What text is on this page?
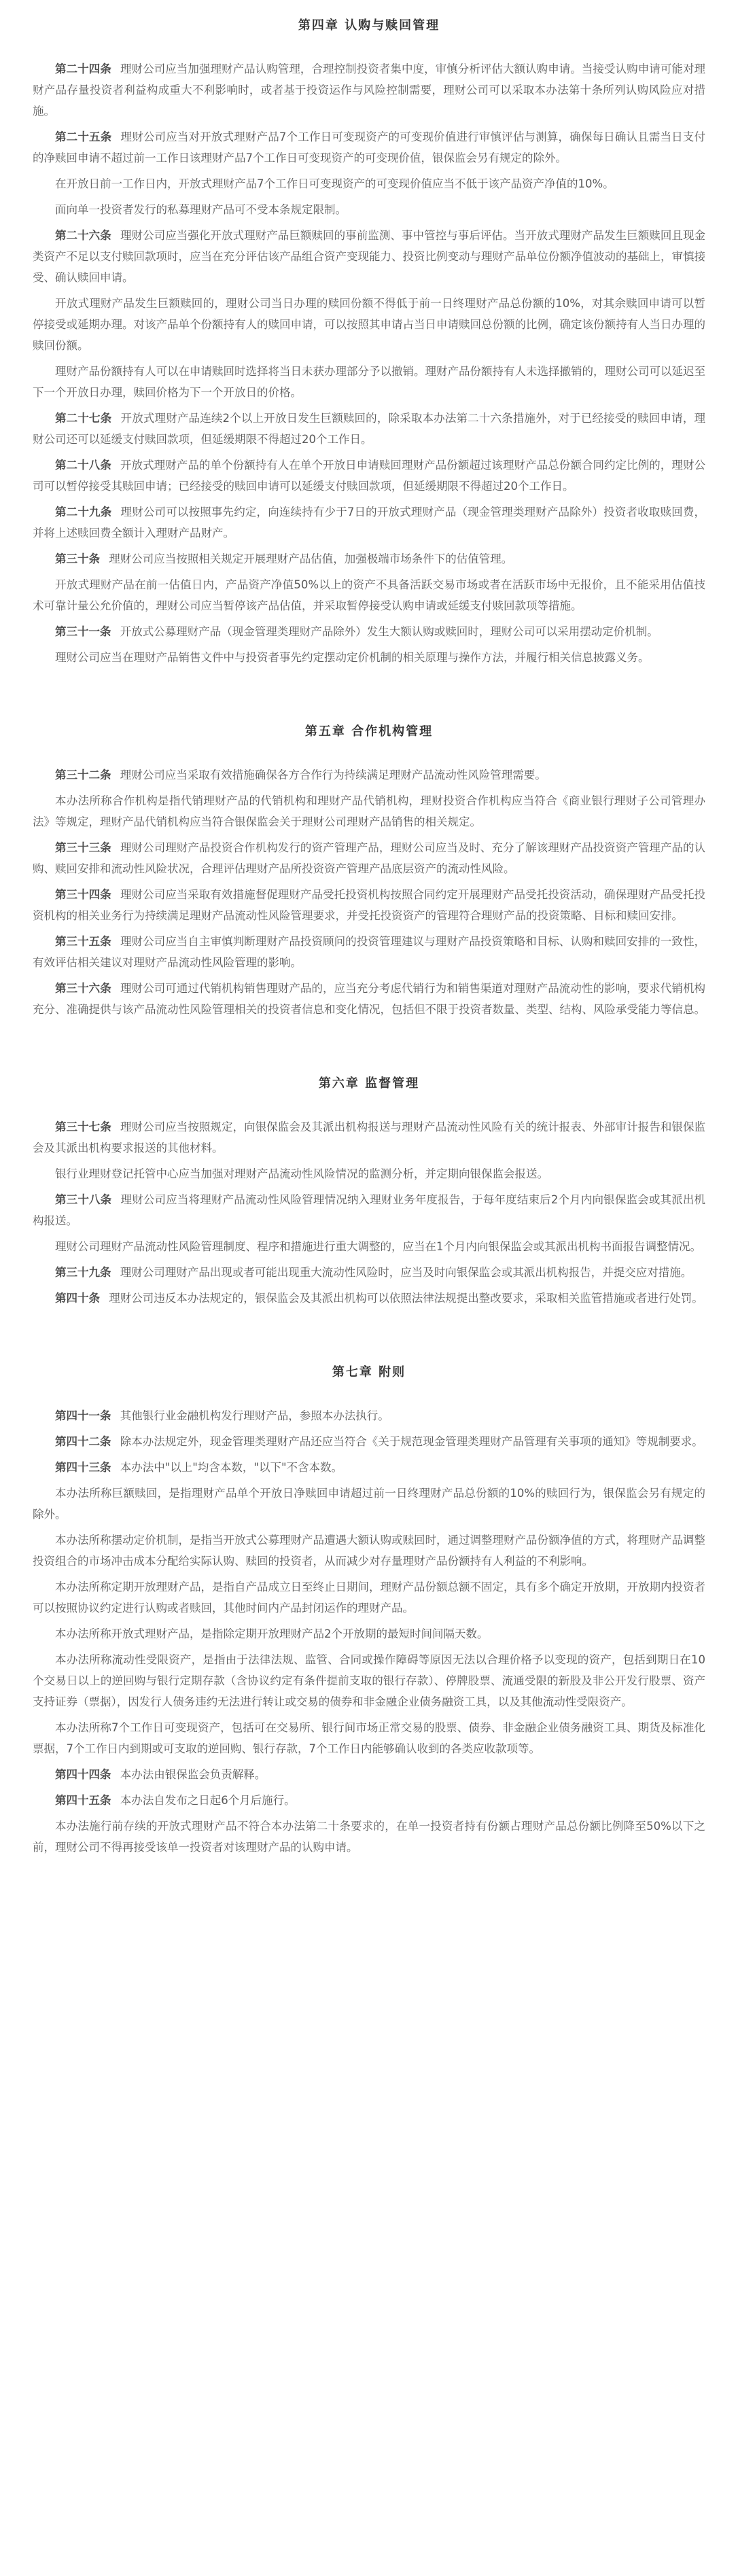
第四章 认购与赎回管理

第二十四条 理财公司应当加强理财产品认购管理，合理控制投资者集中度，审慎分析评估大额认购申请。当接受认购申请可能对理财产品存量投资者利益构成重大不利影响时，或者基于投资运作与风险控制需要，理财公司可以采取本办法第十条所列认购风险应对措施。

第二十五条 理财公司应当对开放式理财产品7个工作日可变现资产的可变现价值进行审慎评估与测算，确保每日确认且需当日支付的净赎回申请不超过前一工作日该理财产品7个工作日可变现资产的可变现价值，银保监会另有规定的除外。

在开放日前一工作日内，开放式理财产品7个工作日可变现资产的可变现价值应当不低于该产品资产净值的10%。

面向单一投资者发行的私募理财产品可不受本条规定限制。

第二十六条 理财公司应当强化开放式理财产品巨额赎回的事前监测、事中管控与事后评估。当开放式理财产品发生巨额赎回且现金类资产不足以支付赎回款项时，应当在充分评估该产品组合资产变现能力、投资比例变动与理财产品单位份额净值波动的基础上，审慎接受、确认赎回申请。

开放式理财产品发生巨额赎回的，理财公司当日办理的赎回份额不得低于前一日终理财产品总份额的10%，对其余赎回申请可以暂停接受或延期办理。对该产品单个份额持有人的赎回申请，可以按照其申请占当日申请赎回总份额的比例，确定该份额持有人当日办理的赎回份额。

理财产品份额持有人可以在申请赎回时选择将当日未获办理部分予以撤销。理财产品份额持有人未选择撤销的，理财公司可以延迟至下一个开放日办理，赎回价格为下一个开放日的价格。

第二十七条 开放式理财产品连续2个以上开放日发生巨额赎回的，除采取本办法第二十六条措施外，对于已经接受的赎回申请，理财公司还可以延缓支付赎回款项，但延缓期限不得超过20个工作日。

第二十八条 开放式理财产品的单个份额持有人在单个开放日申请赎回理财产品份额超过该理财产品总份额合同约定比例的，理财公司可以暂停接受其赎回申请；已经接受的赎回申请可以延缓支付赎回款项，但延缓期限不得超过20个工作日。

第二十九条 理财公司可以按照事先约定，向连续持有少于7日的开放式理财产品（现金管理类理财产品除外）投资者收取赎回费，并将上述赎回费全额计入理财产品财产。

第三十条 理财公司应当按照相关规定开展理财产品估值，加强极端市场条件下的估值管理。

开放式理财产品在前一估值日内，产品资产净值50%以上的资产不具备活跃交易市场或者在活跃市场中无报价，且不能采用估值技术可靠计量公允价值的，理财公司应当暂停该产品估值，并采取暂停接受认购申请或延缓支付赎回款项等措施。

第三十一条 开放式公募理财产品（现金管理类理财产品除外）发生大额认购或赎回时，理财公司可以采用摆动定价机制。

理财公司应当在理财产品销售文件中与投资者事先约定摆动定价机制的相关原理与操作方法，并履行相关信息披露义务。

第五章 合作机构管理

第三十二条 理财公司应当采取有效措施确保各方合作行为持续满足理财产品流动性风险管理需要。

本办法所称合作机构是指代销理财产品的代销机构和理财产品代销机构，理财投资合作机构应当符合《商业银行理财子公司管理办法》等规定，理财产品代销机构应当符合银保监会关于理财公司理财产品销售的相关规定。

第三十三条 理财公司理财产品投资合作机构发行的资产管理产品，理财公司应当及时、充分了解该理财产品投资资产管理产品的认购、赎回安排和流动性风险状况，合理评估理财产品所投资资产管理产品底层资产的流动性风险。

第三十四条 理财公司应当采取有效措施督促理财产品受托投资机构按照合同约定开展理财产品受托投资活动，确保理财产品受托投资机构的相关业务行为持续满足理财产品流动性风险管理要求，并受托投资资产的管理符合理财产品的投资策略、目标和赎回安排。

第三十五条 理财公司应当自主审慎判断理财产品投资顾问的投资管理建议与理财产品投资策略和目标、认购和赎回安排的一致性，有效评估相关建议对理财产品流动性风险管理的影响。

第三十六条 理财公司可通过代销机构销售理财产品的，应当充分考虑代销行为和销售渠道对理财产品流动性的影响，要求代销机构充分、准确提供与该产品流动性风险管理相关的投资者信息和变化情况，包括但不限于投资者数量、类型、结构、风险承受能力等信息。

第六章 监督管理

第三十七条 理财公司应当按照规定，向银保监会及其派出机构报送与理财产品流动性风险有关的统计报表、外部审计报告和银保监会及其派出机构要求报送的其他材料。

银行业理财登记托管中心应当加强对理财产品流动性风险情况的监测分析，并定期向银保监会报送。

第三十八条 理财公司应当将理财产品流动性风险管理情况纳入理财业务年度报告，于每年度结束后2个月内向银保监会或其派出机构报送。

理财公司理财产品流动性风险管理制度、程序和措施进行重大调整的，应当在1个月内向银保监会或其派出机构书面报告调整情况。

第三十九条 理财公司理财产品出现或者可能出现重大流动性风险时，应当及时向银保监会或其派出机构报告，并提交应对措施。

第四十条 理财公司违反本办法规定的，银保监会及其派出机构可以依照法律法规提出整改要求，采取相关监管措施或者进行处罚。

第七章 附则

第四十一条 其他银行业金融机构发行理财产品，参照本办法执行。

第四十二条 除本办法规定外，现金管理类理财产品还应当符合《关于规范现金管理类理财产品管理有关事项的通知》等规制要求。

第四十三条 本办法中"以上"均含本数，"以下"不含本数。

本办法所称巨额赎回，是指理财产品单个开放日净赎回申请超过前一日终理财产品总份额的10%的赎回行为，银保监会另有规定的除外。

本办法所称摆动定价机制，是指当开放式公募理财产品遭遇大额认购或赎回时，通过调整理财产品份额净值的方式，将理财产品调整投资组合的市场冲击成本分配给实际认购、赎回的投资者，从而减少对存量理财产品份额持有人利益的不利影响。

本办法所称定期开放理财产品，是指自产品成立日至终止日期间，理财产品份额总额不固定，具有多个确定开放期，开放期内投资者可以按照协议约定进行认购或者赎回，其他时间内产品封闭运作的理财产品。

本办法所称开放式理财产品，是指除定期开放理财产品2个开放期的最短时间间隔天数。

本办法所称流动性受限资产，是指由于法律法规、监管、合同或操作障碍等原因无法以合理价格予以变现的资产，包括到期日在10个交易日以上的逆回购与银行定期存款（含协议约定有条件提前支取的银行存款）、停牌股票、流通受限的新股及非公开发行股票、资产支持证券（票据），因发行人债务违约无法进行转让或交易的债券和非金融企业债务融资工具，以及其他流动性受限资产。

本办法所称7个工作日可变现资产，包括可在交易所、银行间市场正常交易的股票、债券、非金融企业债务融资工具、期货及标准化票据，7个工作日内到期或可支取的逆回购、银行存款，7个工作日内能够确认收到的各类应收款项等。

第四十四条 本办法由银保监会负责解释。

第四十五条 本办法自发布之日起6个月后施行。

本办法施行前存续的开放式理财产品不符合本办法第二十条要求的，在单一投资者持有份额占理财产品总份额比例降至50%以下之前，理财公司不得再接受该单一投资者对该理财产品的认购申请。
